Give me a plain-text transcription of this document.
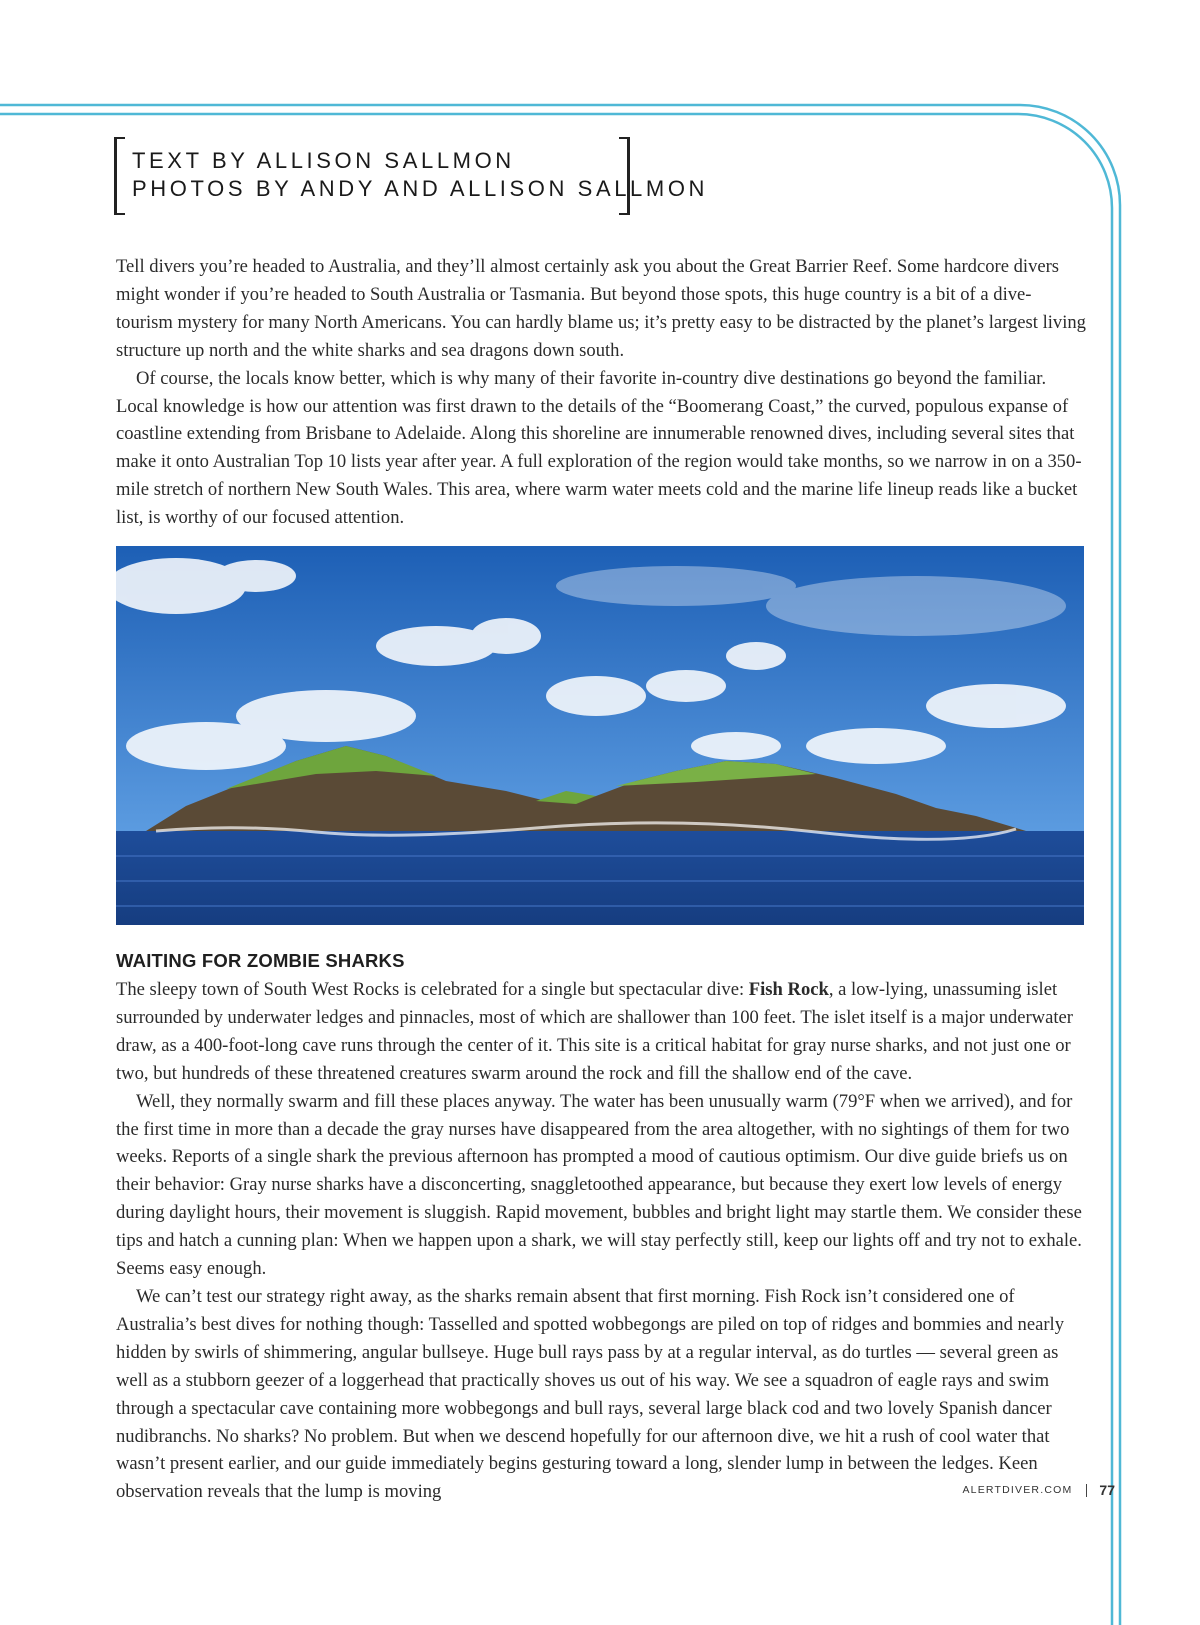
TEXT BY ALLISON SALLMON
PHOTOS BY ANDY AND ALLISON SALLMON

Tell divers you’re headed to Australia, and they’ll almost certainly ask you about the Great Barrier Reef. Some hardcore divers might wonder if you’re headed to South Australia or Tasmania. But beyond those spots, this huge country is a bit of a dive-tourism mystery for many North Americans. You can hardly blame us; it’s pretty easy to be distracted by the planet’s largest living structure up north and the white sharks and sea dragons down south.

Of course, the locals know better, which is why many of their favorite in-country dive destinations go beyond the familiar. Local knowledge is how our attention was first drawn to the details of the “Boomerang Coast,” the curved, populous expanse of coastline extending from Brisbane to Adelaide. Along this shoreline are innumerable renowned dives, including several sites that make it onto Australian Top 10 lists year after year. A full exploration of the region would take months, so we narrow in on a 350-mile stretch of northern New South Wales. This area, where warm water meets cold and the marine life lineup reads like a bucket list, is worthy of our focused attention.

WAITING FOR ZOMBIE SHARKS

The sleepy town of South West Rocks is celebrated for a single but spectacular dive: Fish Rock, a low-lying, unassuming islet surrounded by underwater ledges and pinnacles, most of which are shallower than 100 feet. The islet itself is a major underwater draw, as a 400-foot-long cave runs through the center of it. This site is a critical habitat for gray nurse sharks, and not just one or two, but hundreds of these threatened creatures swarm around the rock and fill the shallow end of the cave.

Well, they normally swarm and fill these places anyway. The water has been unusually warm (79°F when we arrived), and for the first time in more than a decade the gray nurses have disappeared from the area altogether, with no sightings of them for two weeks. Reports of a single shark the previous afternoon has prompted a mood of cautious optimism. Our dive guide briefs us on their behavior: Gray nurse sharks have a disconcerting, snaggletoothed appearance, but because they exert low levels of energy during daylight hours, their movement is sluggish. Rapid movement, bubbles and bright light may startle them. We consider these tips and hatch a cunning plan: When we happen upon a shark, we will stay perfectly still, keep our lights off and try not to exhale. Seems easy enough.

We can’t test our strategy right away, as the sharks remain absent that first morning. Fish Rock isn’t considered one of Australia’s best dives for nothing though: Tasselled and spotted wobbegongs are piled on top of ridges and bommies and nearly hidden by swirls of shimmering, angular bullseye. Huge bull rays pass by at a regular interval, as do turtles — several green as well as a stubborn geezer of a loggerhead that practically shoves us out of his way. We see a squadron of eagle rays and swim through a spectacular cave containing more wobbegongs and bull rays, several large black cod and two lovely Spanish dancer nudibranchs. No sharks? No problem. But when we descend hopefully for our afternoon dive, we hit a rush of cool water that wasn’t present earlier, and our guide immediately begins gesturing toward a long, slender lump in between the ledges. Keen observation reveals that the lump is moving	ALERTDIVER.COM 77
